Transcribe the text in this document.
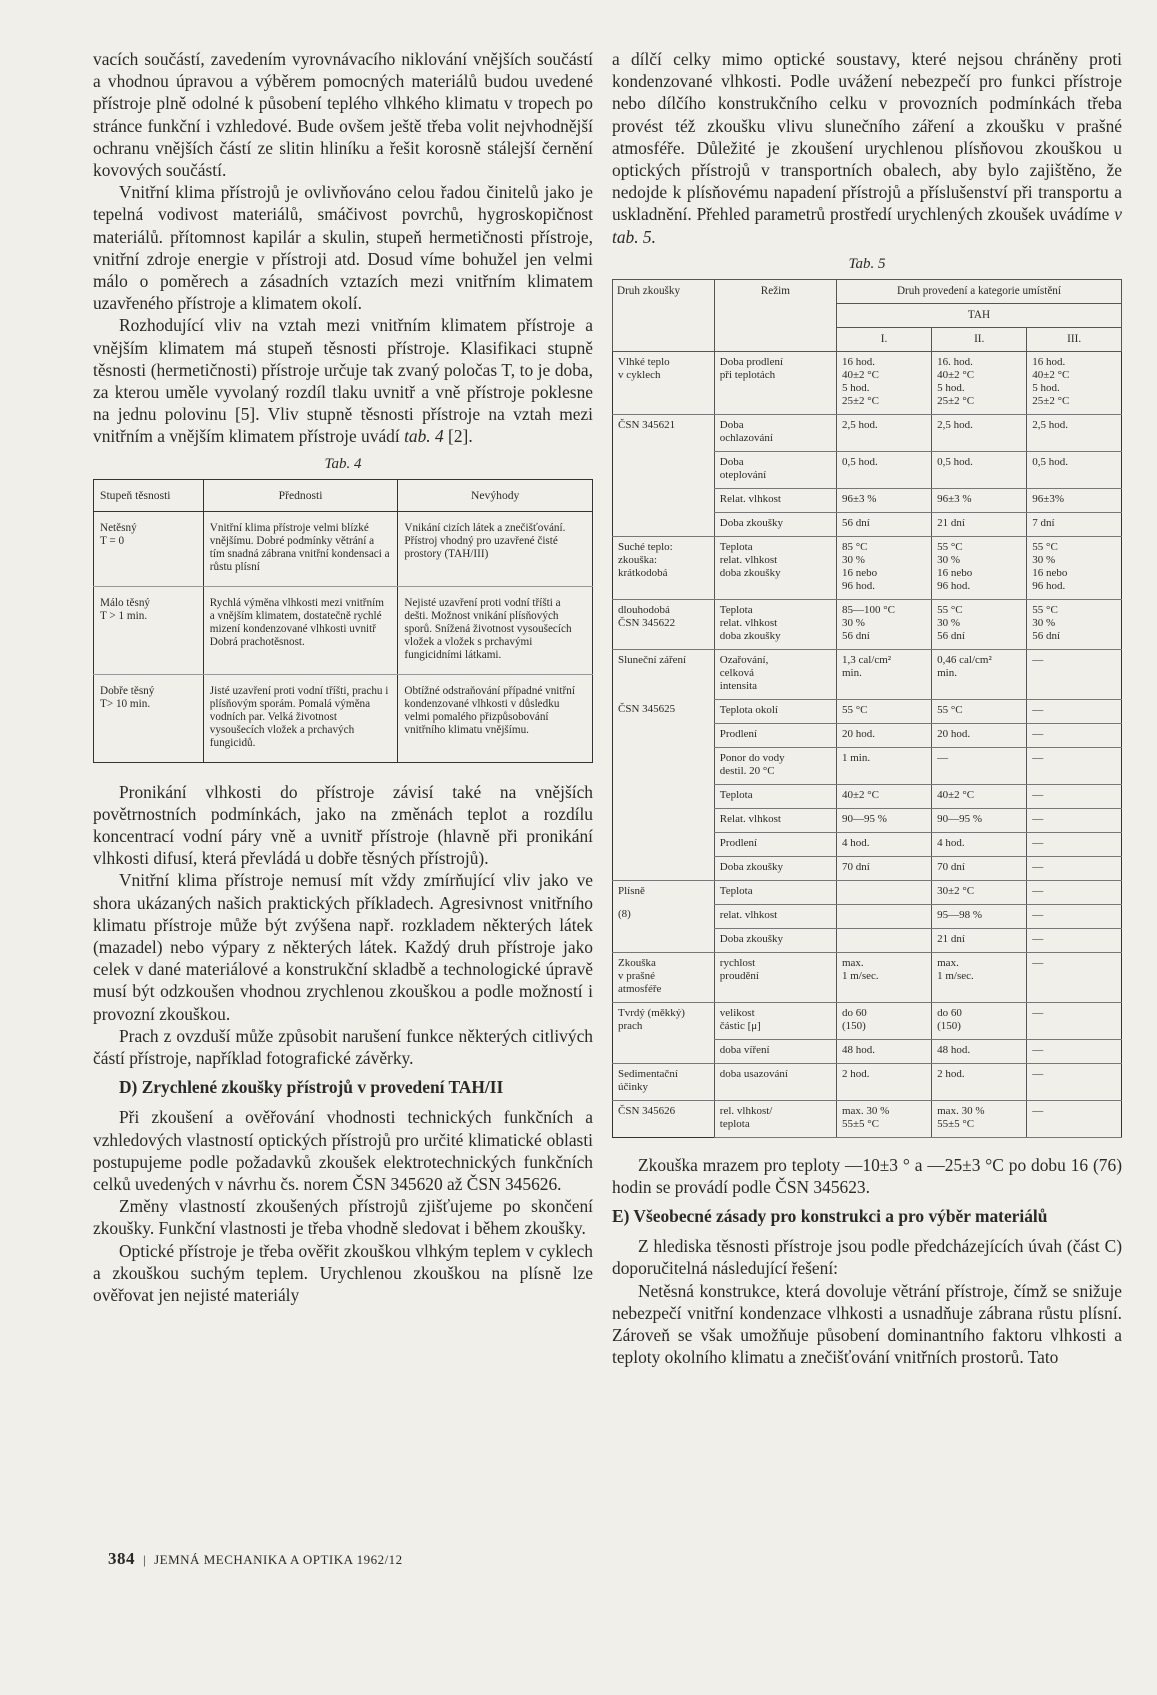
vacích součástí, zavedením vyrovnávacího niklování vnějších součástí a vhodnou úpravou a výběrem pomocných materiálů budou uvedené přístroje plně odolné k působení teplého vlhkého klimatu v tropech po stránce funkční i vzhledové. Bude ovšem ještě třeba volit nejvhodnější ochranu vnějších částí ze slitin hliníku a řešit korosně stálejší černění kovových součástí.

Vnitřní klima přístrojů je ovlivňováno celou řadou činitelů jako je tepelná vodivost materiálů, smáčivost povrchů, hygroskopičnost materiálů. přítomnost kapilár a skulin, stupeň hermetičnosti přístroje, vnitřní zdroje energie v přístroji atd. Dosud víme bohužel jen velmi málo o poměrech a zásadních vztazích mezi vnitřním klimatem uzavřeného přístroje a klimatem okolí.

Rozhodující vliv na vztah mezi vnitřním klimatem přístroje a vnějším klimatem má stupeň těsnosti přístroje. Klasifikaci stupně těsnosti (hermetičnosti) přístroje určuje tak zvaný poločas T, to je doba, za kterou uměle vyvolaný rozdíl tlaku uvnitř a vně přístroje poklesne na jednu polovinu [5]. Vliv stupně těsnosti přístroje na vztah mezi vnitřním a vnějším klimatem přístroje uvádí tab. 4 [2].

Tab. 4
Stupeň těsnosti	Přednosti	Nevýhody
Netěsný
T = 0	Vnitřní klima přístroje velmi blízké vnějšímu. Dobré podmínky větrání a tím snadná zábrana vnitřní kondensaci a růstu plísní	Vnikání cizích látek a znečišťování. Přístroj vhodný pro uzavřené čisté prostory (TAH/III)
Málo těsný
T > 1 min.	Rychlá výměna vlhkosti mezi vnitřním a vnějším klimatem, dostatečně rychlé mizení kondenzované vlhkosti uvnitř Dobrá prachotěsnost.	Nejisté uzavření proti vodní tříšti a dešti. Možnost vnikání plísňových sporů. Snížená životnost vysoušecích vložek a vložek s prchavými fungicidními látkami.
Dobře těsný
T> 10 min.	Jisté uzavření proti vodní tříšti, prachu i plísňovým sporám. Pomalá výměna vodních par. Velká životnost vysoušecích vložek a prchavých fungicidů.	Obtížné odstraňování případné vnitřní kondenzované vlhkosti v důsledku velmi pomalého přizpůsobování vnitřního klimatu vnějšímu.

Pronikání vlhkosti do přístroje závisí také na vnějších povětrnostních podmínkách, jako na změnách teplot a rozdílu koncentrací vodní páry vně a uvnitř přístroje (hlavně při pronikání vlhkosti difusí, která převládá u dobře těsných přístrojů).

Vnitřní klima přístroje nemusí mít vždy zmírňující vliv jako ve shora ukázaných našich praktických příkladech. Agresivnost vnitřního klimatu přístroje může být zvýšena např. rozkladem některých látek (mazadel) nebo výpary z některých látek. Každý druh přístroje jako celek v dané materiálové a konstrukční skladbě a technologické úpravě musí být odzkoušen vhodnou zrychlenou zkouškou a podle možností i provozní zkouškou.

Prach z ovzduší může způsobit narušení funkce některých citlivých částí přístroje, například fotografické závěrky.

D) Zrychlené zkoušky přístrojů v provedení TAH/II

Při zkoušení a ověřování vhodnosti technických funkčních a vzhledových vlastností optických přístrojů pro určité klimatické oblasti postupujeme podle požadavků zkoušek elektrotechnických funkčních celků uvedených v návrhu čs. norem ČSN 345620 až ČSN 345626.

Změny vlastností zkoušených přístrojů zjišťujeme po skončení zkoušky. Funkční vlastnosti je třeba vhodně sledovat i během zkoušky.

Optické přístroje je třeba ověřit zkouškou vlhkým teplem v cyklech a zkouškou suchým teplem. Urychlenou zkouškou na plísně lze ověřovat jen nejisté materiály

a dílčí celky mimo optické soustavy, které nejsou chráněny proti kondenzované vlhkosti. Podle uvážení nebezpečí pro funkci přístroje nebo dílčího konstrukčního celku v provozních podmínkách třeba provést též zkoušku vlivu slunečního záření a zkoušku v prašné atmosféře. Důležité je zkoušení urychlenou plísňovou zkouškou u optických přístrojů v transportních obalech, aby bylo zajištěno, že nedojde k plísňovému napadení přístrojů a příslušenství při transportu a uskladnění. Přehled parametrů prostředí urychlených zkoušek uvádíme v tab. 5.

Tab. 5
Druh zkoušky	Režim	Druh provedení a kategorie umístění		
		TAH		
		I.	II.	III.
Vlhké teplo
v cyklech	Doba prodlení
při teplotách	16 hod.
40±2 °C
5 hod.
25±2 °C	16. hod.
40±2 °C
5 hod.
25±2 °C	16 hod.
40±2 °C
5 hod.
25±2 °C
ČSN 345621	Doba
ochlazování	2,5 hod.	2,5 hod.	2,5 hod.
	Doba
oteplování	0,5 hod.	0,5 hod.	0,5 hod.
	Relat. vlhkost	96±3 %	96±3 %	96±3%
	Doba zkoušky	56 dní	21 dní	7 dní
Suché teplo:
zkouška:
krátkodobá	Teplota
relat. vlhkost
doba zkoušky	85 °C
30 %
16 nebo
96 hod.	55 °C
30 %
16 nebo
96 hod.	55 °C
30 %
16 nebo
96 hod.
dlouhodobá
ČSN 345622	Teplota
relat. vlhkost
doba zkoušky	85—100 °C
30 %
56 dní	55 °C
30 %
56 dní	55 °C
30 %
56 dní
Sluneční záření	Ozařování,
celková
intensita	1,3 cal/cm²
min.	0,46 cal/cm²
min.	—
ČSN 345625	Teplota okolí	55 °C	55 °C	—
	Prodlení	20 hod.	20 hod.	—
	Ponor do vody
destil. 20 °C	1 min.	—	—
	Teplota	40±2 °C	40±2 °C	—
	Relat. vlhkost	90—95 %	90—95 %	—
	Prodlení	4 hod.	4 hod.	—
	Doba zkoušky	70 dní	70 dní	—
Plísně	Teplota		30±2 °C	—
(8)	relat. vlhkost		95—98 %	—
	Doba zkoušky		21 dní	—
Zkouška
v prašné
atmosféře	rychlost
proudění	max.
1 m/sec.	max.
1 m/sec.	—
Tvrdý (měkký)
prach	velikost
částic [μ]	do 60
(150)	do 60
(150)	—
	doba víření	48 hod.	48 hod.	—
Sedimentační
účinky	doba usazování	2 hod.	2 hod.	—
ČSN 345626	rel. vlhkost/
teplota	max. 30 %
55±5 °C	max. 30 %
55±5 °C	—

Zkouška mrazem pro teploty —10±3 ° a —25±3 °C po dobu 16 (76) hodin se provádí podle ČSN 345623.

E) Všeobecné zásady pro konstrukci a pro výběr materiálů

Z hlediska těsnosti přístroje jsou podle předcházejících úvah (část C) doporučitelná následující řešení:

Netěsná konstrukce, která dovoluje větrání přístroje, čímž se snižuje nebezpečí vnitřní kondenzace vlhkosti a usnadňuje zábrana růstu plísní. Zároveň se však umožňuje působení dominantního faktoru vlhkosti a teploty okolního klimatu a znečišťování vnitřních prostorů. Tato

384 | JEMNÁ MECHANIKA A OPTIKA 1962/12
